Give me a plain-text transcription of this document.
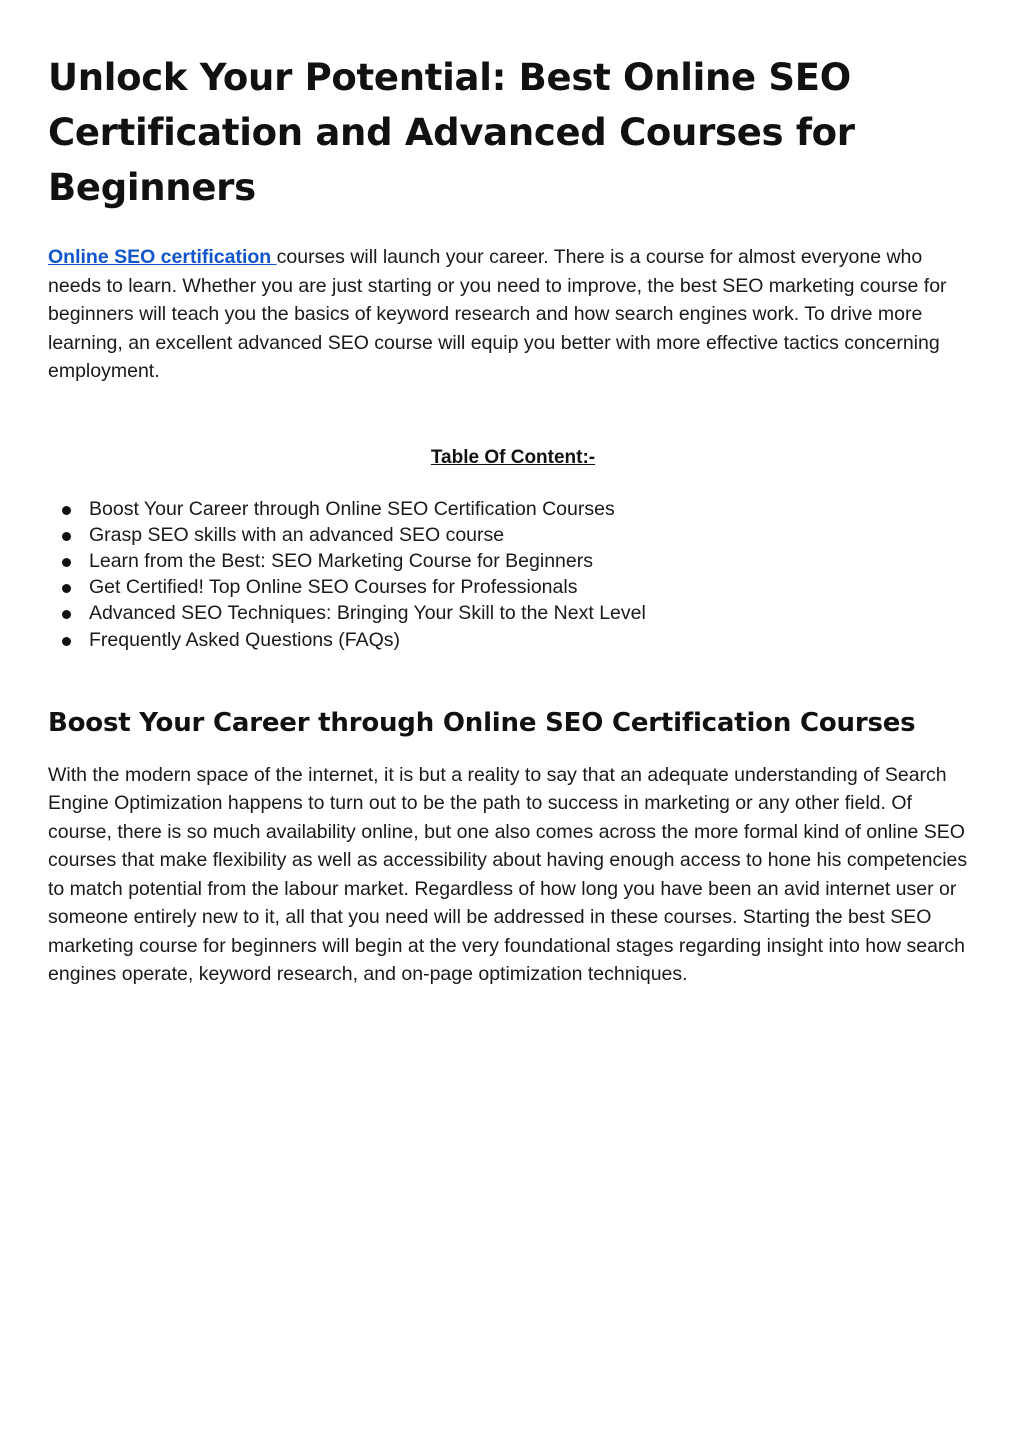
Unlock Your Potential: Best Online SEO Certification and Advanced Courses for Beginners

Online SEO certification courses will launch your career. There is a course for almost everyone who needs to learn. Whether you are just starting or you need to improve, the best SEO marketing course for beginners will teach you the basics of keyword research and how search engines work. To drive more learning, an excellent advanced SEO course will equip you better with more effective tactics concerning employment.

Table Of Content:-
Boost Your Career through Online SEO Certification Courses
Grasp SEO skills with an advanced SEO course
Learn from the Best: SEO Marketing Course for Beginners
Get Certified! Top Online SEO Courses for Professionals
Advanced SEO Techniques: Bringing Your Skill to the Next Level
Frequently Asked Questions (FAQs)
Boost Your Career through Online SEO Certification Courses

With the modern space of the internet, it is but a reality to say that an adequate understanding of Search Engine Optimization happens to turn out to be the path to success in marketing or any other field. Of course, there is so much availability online, but one also comes across the more formal kind of online SEO courses that make flexibility as well as accessibility about having enough access to hone his competencies to match potential from the labour market. Regardless of how long you have been an avid internet user or someone entirely new to it, all that you need will be addressed in these courses. Starting the best SEO marketing course for beginners will begin at the very foundational stages regarding insight into how search engines operate, keyword research, and on-page optimization techniques.
